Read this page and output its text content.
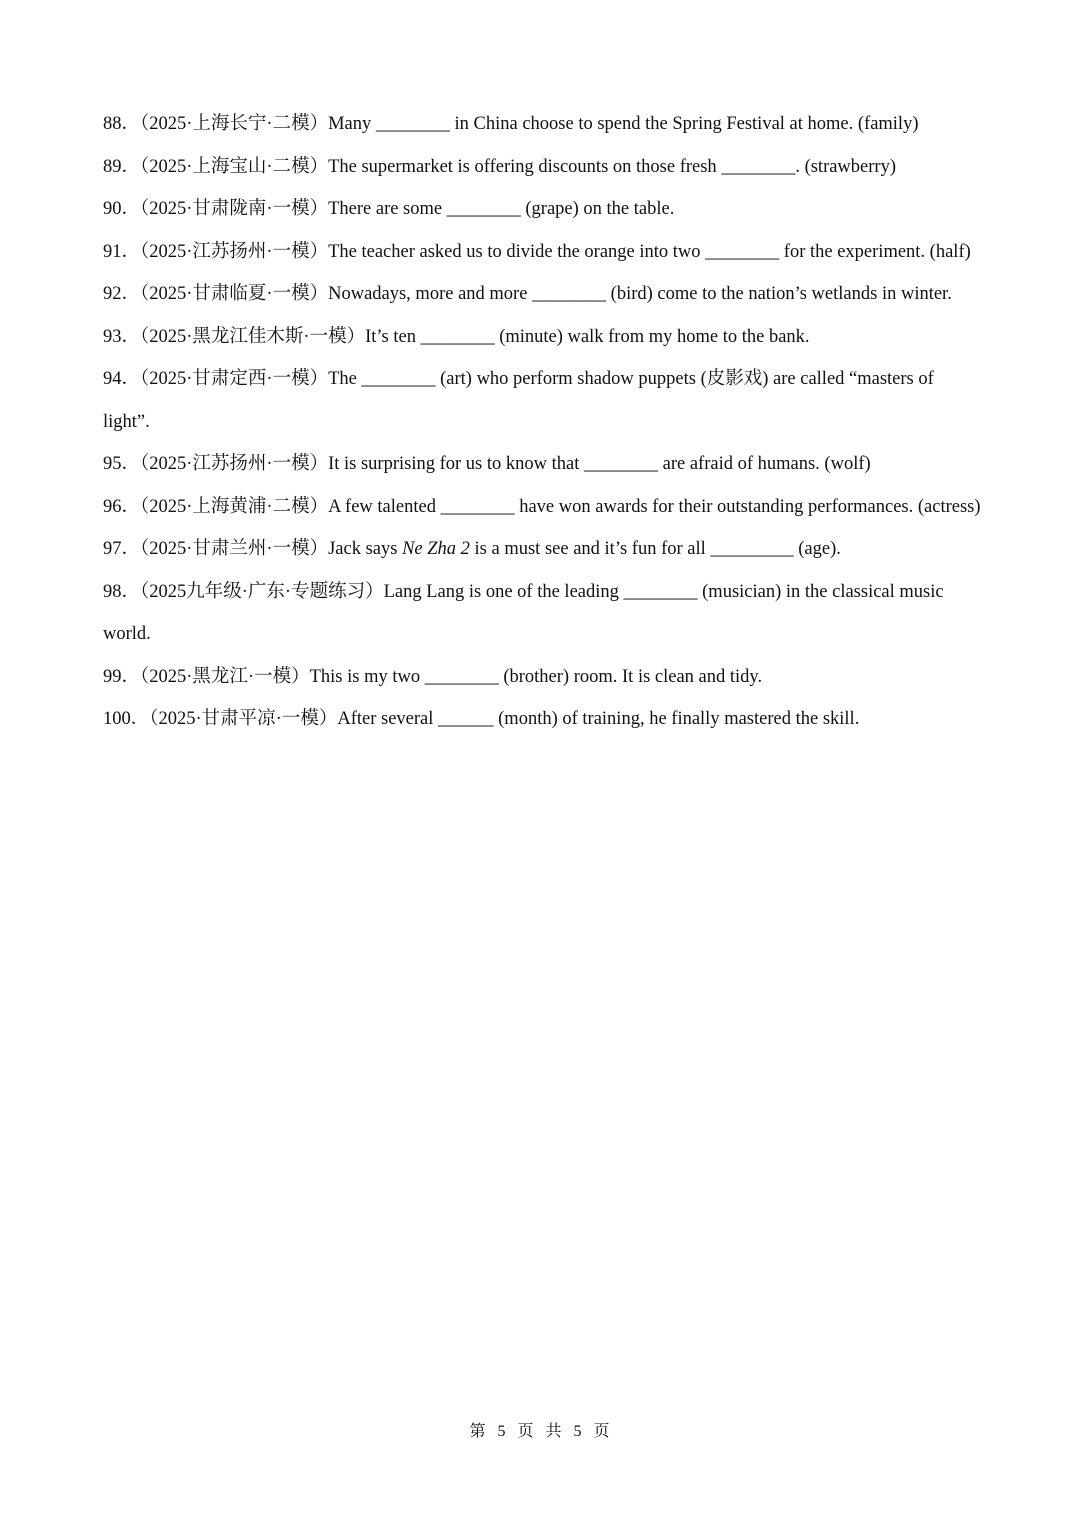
88．（2025·上海长宁·二模）Many ________ in China choose to spend the Spring Festival at home. (family)
89．（2025·上海宝山·二模）The supermarket is offering discounts on those fresh ________. (strawberry)
90．（2025·甘肃陇南·一模）There are some ________ (grape) on the table.
91．（2025·江苏扬州·一模）The teacher asked us to divide the orange into two ________ for the experiment. (half)
92．（2025·甘肃临夏·一模）Nowadays, more and more ________ (bird) come to the nation’s wetlands in winter.
93．（2025·黑龙江佳木斯·一模）It’s ten ________ (minute) walk from my home to the bank.
94．（2025·甘肃定西·一模）The ________ (art) who perform shadow puppets (皮影戏) are called “masters of light”.
95．（2025·江苏扬州·一模）It is surprising for us to know that ________ are afraid of humans. (wolf)
96．（2025·上海黄浦·二模）A few talented ________ have won awards for their outstanding performances. (actress)
97．（2025·甘肃兰州·一模）Jack says Ne Zha 2 is a must see and it’s fun for all _________ (age).
98．（2025九年级·广东·专题练习）Lang Lang is one of the leading ________ (musician) in the classical music world.
99．（2025·黑龙江·一模）This is my two ________ (brother) room. It is clean and tidy.
100．（2025·甘肃平凉·一模）After several ______ (month) of training, he finally mastered the skill.
第 5 页 共 5 页
